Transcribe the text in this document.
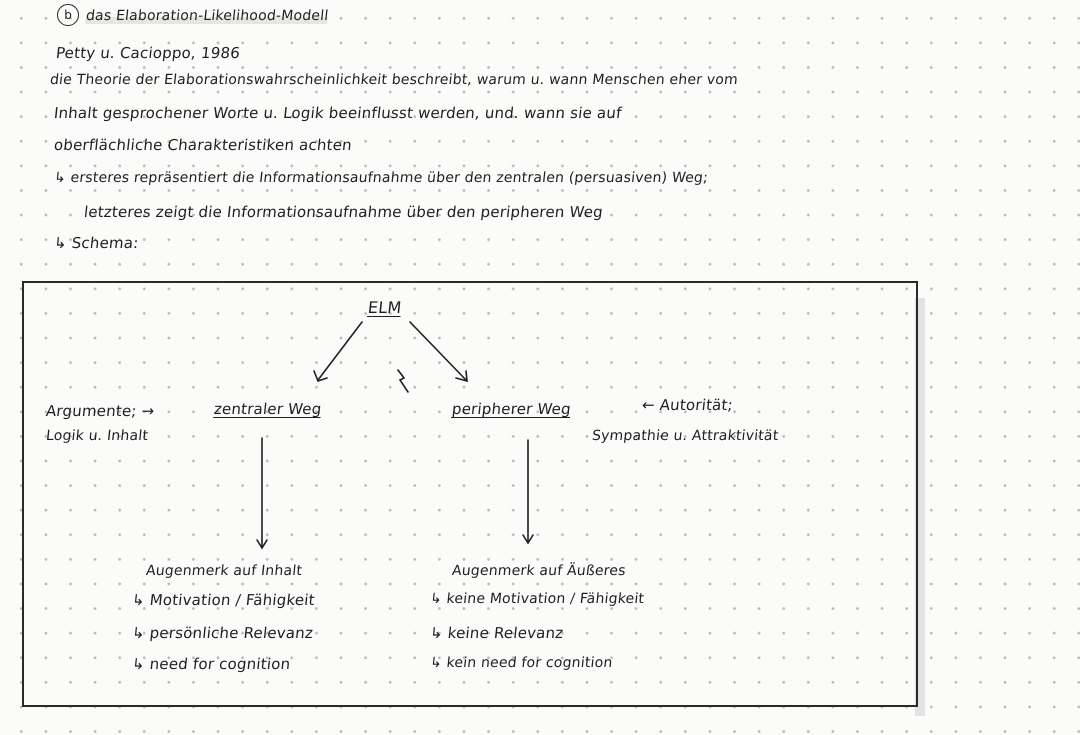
b das Elaboration-Likelihood-Modell
Petty u. Cacioppo, 1986
die Theorie der Elaborationswahrscheinlichkeit beschreibt, warum u. wann Menschen eher vom
Inhalt gesprochener Worte u. Logik beeinflusst werden, und. wann sie auf
oberflächliche Charakteristiken achten
↳ ersteres repräsentiert die Informationsaufnahme über den zentralen (persuasiven) Weg;
letzteres zeigt die Informationsaufnahme über den peripheren Weg
↳ Schema:
ELM
Argumente; →	zentraler Weg
Logik u. Inhalt
peripherer Weg	← Autorität;
Sympathie u. Attraktivität
Augenmerk auf Inhalt
↳ Motivation / Fähigkeit
↳ persönliche Relevanz
↳ need for cognition
Augenmerk auf Äußeres
↳ keine Motivation / Fähigkeit
↳ keine Relevanz
↳ kein need for cognition
